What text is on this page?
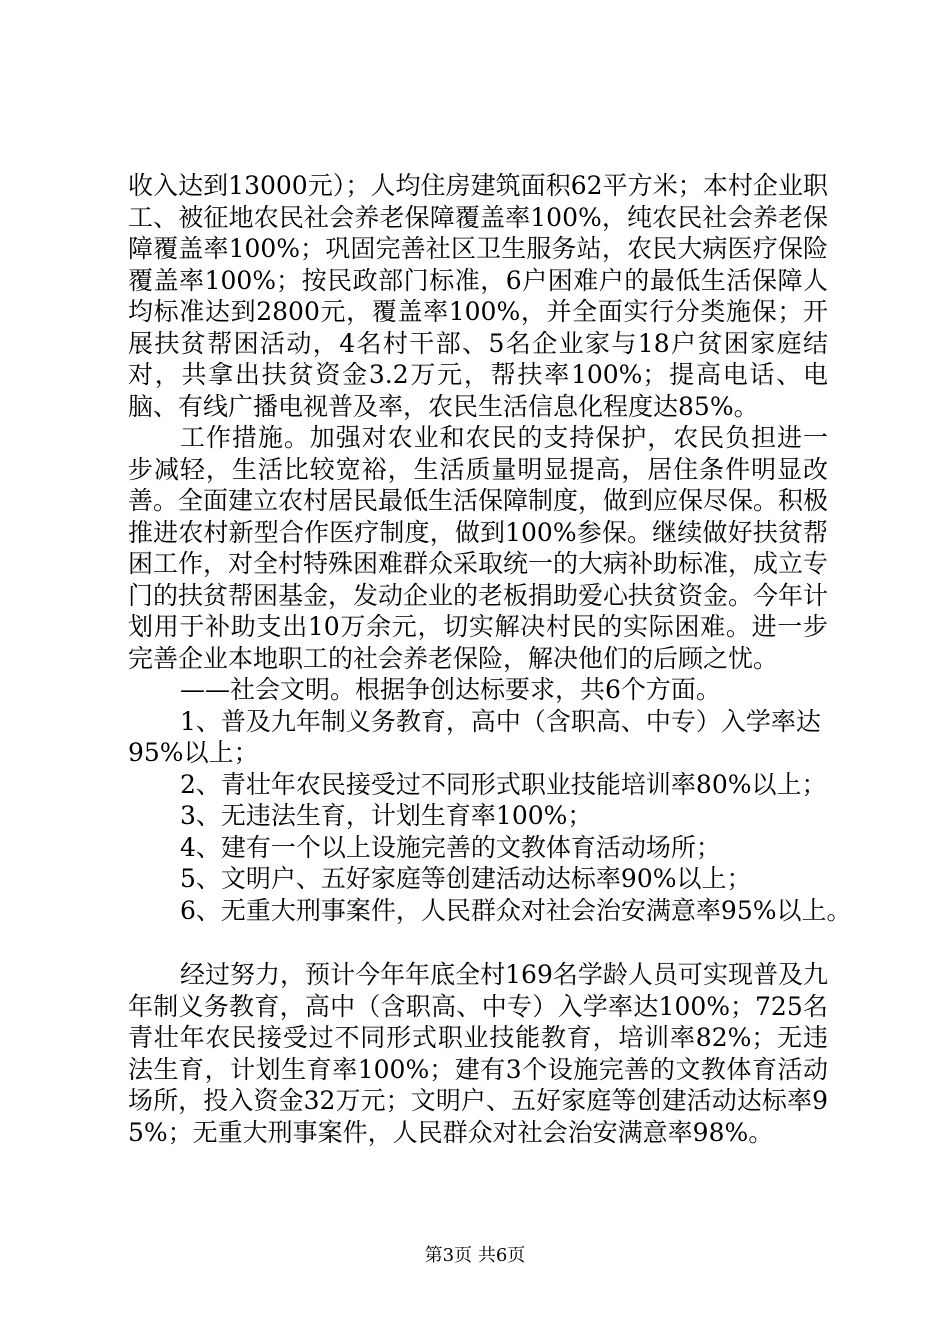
收入达到13000元）；人均住房建筑面积62平方米；本村企业职工、被征地农民社会养老保障覆盖率100%，纯农民社会养老保障覆盖率100%；巩固完善社区卫生服务站，农民大病医疗保险覆盖率100%；按民政部门标准，6户困难户的最低生活保障人均标准达到2800元，覆盖率100%，并全面实行分类施保；开展扶贫帮困活动，4名村干部、5名企业家与18户贫困家庭结对，共拿出扶贫资金3.2万元，帮扶率100%；提高电话、电脑、有线广播电视普及率，农民生活信息化程度达85%。

工作措施。加强对农业和农民的支持保护，农民负担进一步减轻，生活比较宽裕，生活质量明显提高，居住条件明显改善。全面建立农村居民最低生活保障制度，做到应保尽保。积极推进农村新型合作医疗制度，做到100%参保。继续做好扶贫帮困工作，对全村特殊困难群众采取统一的大病补助标准，成立专门的扶贫帮困基金，发动企业的老板捐助爱心扶贫资金。今年计划用于补助支出10万余元，切实解决村民的实际困难。进一步完善企业本地职工的社会养老保险，解决他们的后顾之忧。

——社会文明。根据争创达标要求，共6个方面。

1、普及九年制义务教育，高中（含职高、中专）入学率达95%以上；

2、青壮年农民接受过不同形式职业技能培训率80%以上；

3、无违法生育，计划生育率100%；

4、建有一个以上设施完善的文教体育活动场所；

5、文明户、五好家庭等创建活动达标率90%以上；

6、无重大刑事案件，人民群众对社会治安满意率95%以上。

经过努力，预计今年年底全村169名学龄人员可实现普及九年制义务教育，高中（含职高、中专）入学率达100%；725名青壮年农民接受过不同形式职业技能教育，培训率82%；无违法生育，计划生育率100%；建有3个设施完善的文教体育活动场所，投入资金32万元；文明户、五好家庭等创建活动达标率95%；无重大刑事案件，人民群众对社会治安满意率98%。

第3页 共6页
